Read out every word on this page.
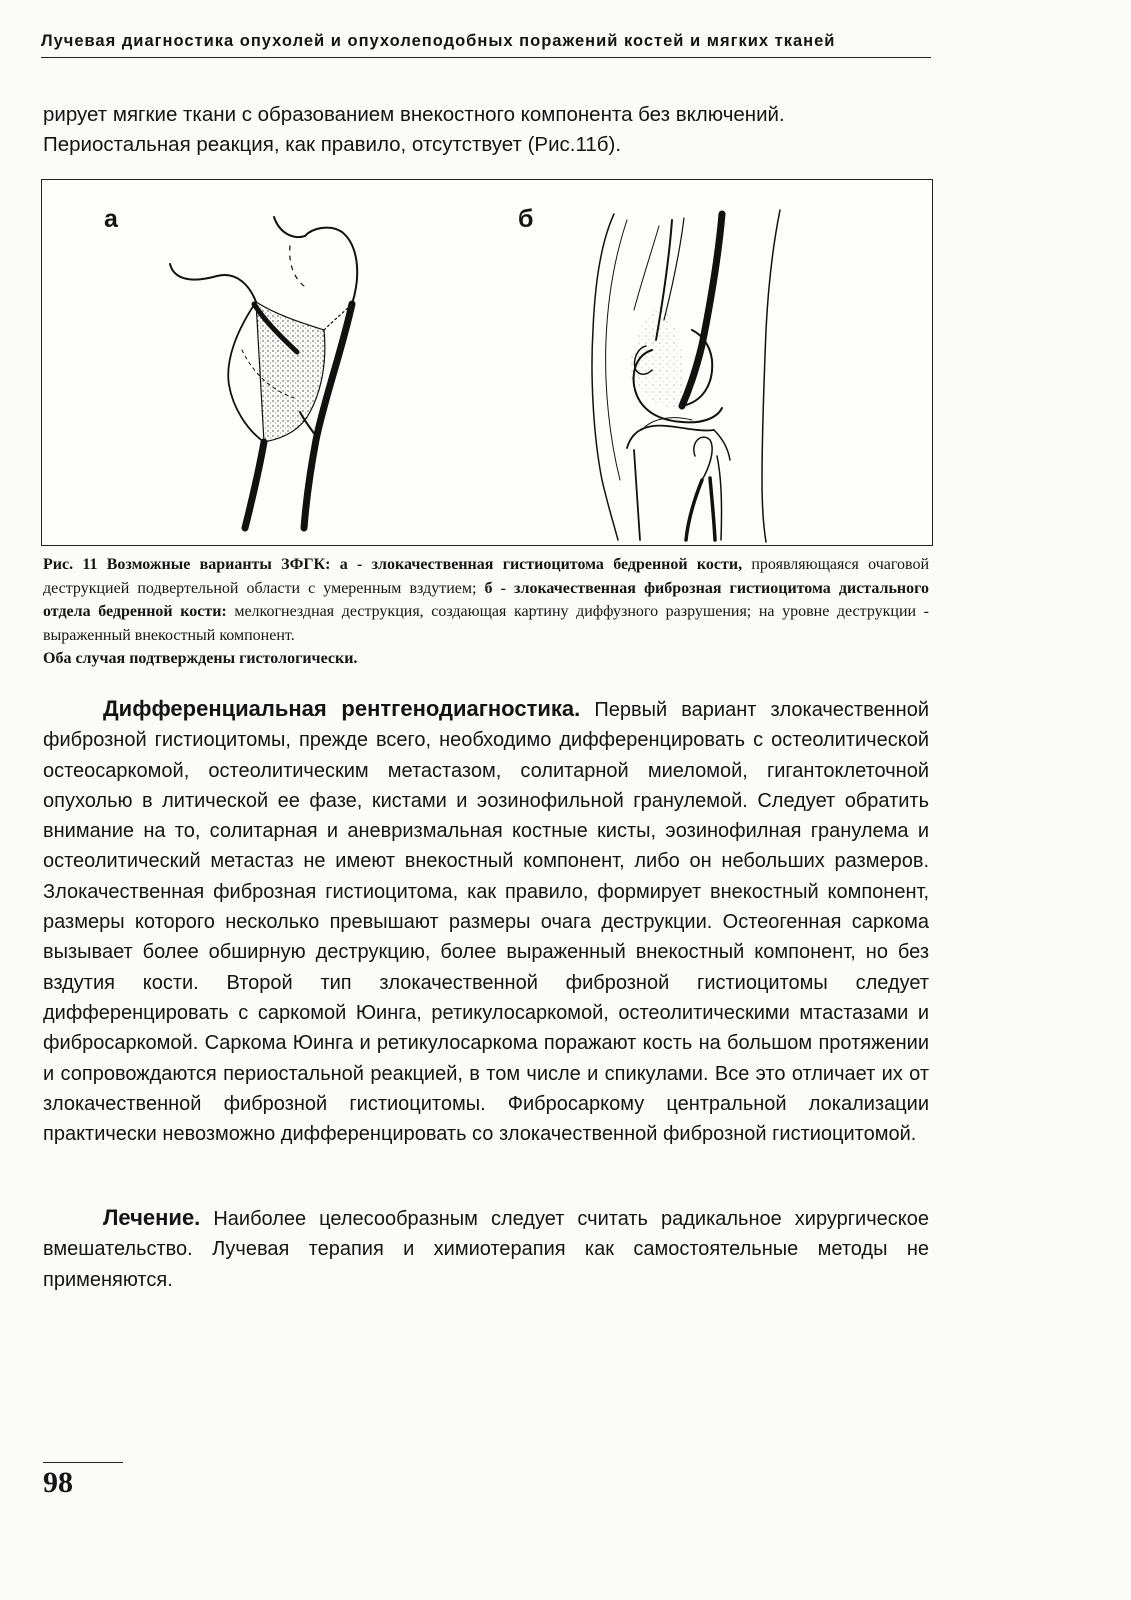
Лучевая диагностика опухолей и опухолеподобных поражений костей и мягких тканей
рирует мягкие ткани с образованием внекостного компонента без включений.
Периостальная реакция, как правило, отсутствует (Рис.11б).
а	б
Рис. 11 Возможные варианты ЗФГК: а - злокачественная гистиоцитома бедренной кости, проявляющаяся очаговой деструкцией подвертельной области с умеренным вздутием; б - злокачественная фиброзная гистиоцитома дистального отдела бедренной кости: мелкогнездная деструкция, создающая картину диффузного разрушения; на уровне деструкции - выраженный внекостный компонент.
Оба случая подтверждены гистологически.
Дифференциальная рентгенодиагностика. Первый вариант злокачественной фиброзной гистиоцитомы, прежде всего, необходимо дифференцировать с остеолитической остеосаркомой, остеолитическим метастазом, солитарной миеломой, гигантоклеточной опухолью в литической ее фазе, кистами и эозинофильной гранулемой. Следует обратить внимание на то, солитарная и аневризмальная костные кисты, эозинофилная гранулема и остеолитический метастаз не имеют внекостный компонент, либо он небольших размеров. Злокачественная фиброзная гистиоцитома, как правило, формирует внекостный компонент, размеры которого несколько превышают размеры очага деструкции. Остеогенная саркома вызывает более обширную деструкцию, более выраженный внекостный компонент, но без вздутия кости. Второй тип злокачественной фиброзной гистиоцитомы следует дифференцировать с саркомой Юинга, ретикулосаркомой, остеолитическими мтастазами и фибросаркомой. Саркома Юинга и ретикулосаркома поражают кость на большом протяжении и сопровождаются периостальной реакцией, в том числе и спикулами. Все это отличает их от злокачественной фиброзной гистиоцитомы. Фибросаркому центральной локализации практически невозможно дифференцировать со злокачественной фиброзной гистиоцитомой.
Лечение. Наиболее целесообразным следует считать радикальное хирургическое вмешательство. Лучевая терапия и химиотерапия как самостоятельные методы не применяются.
98
